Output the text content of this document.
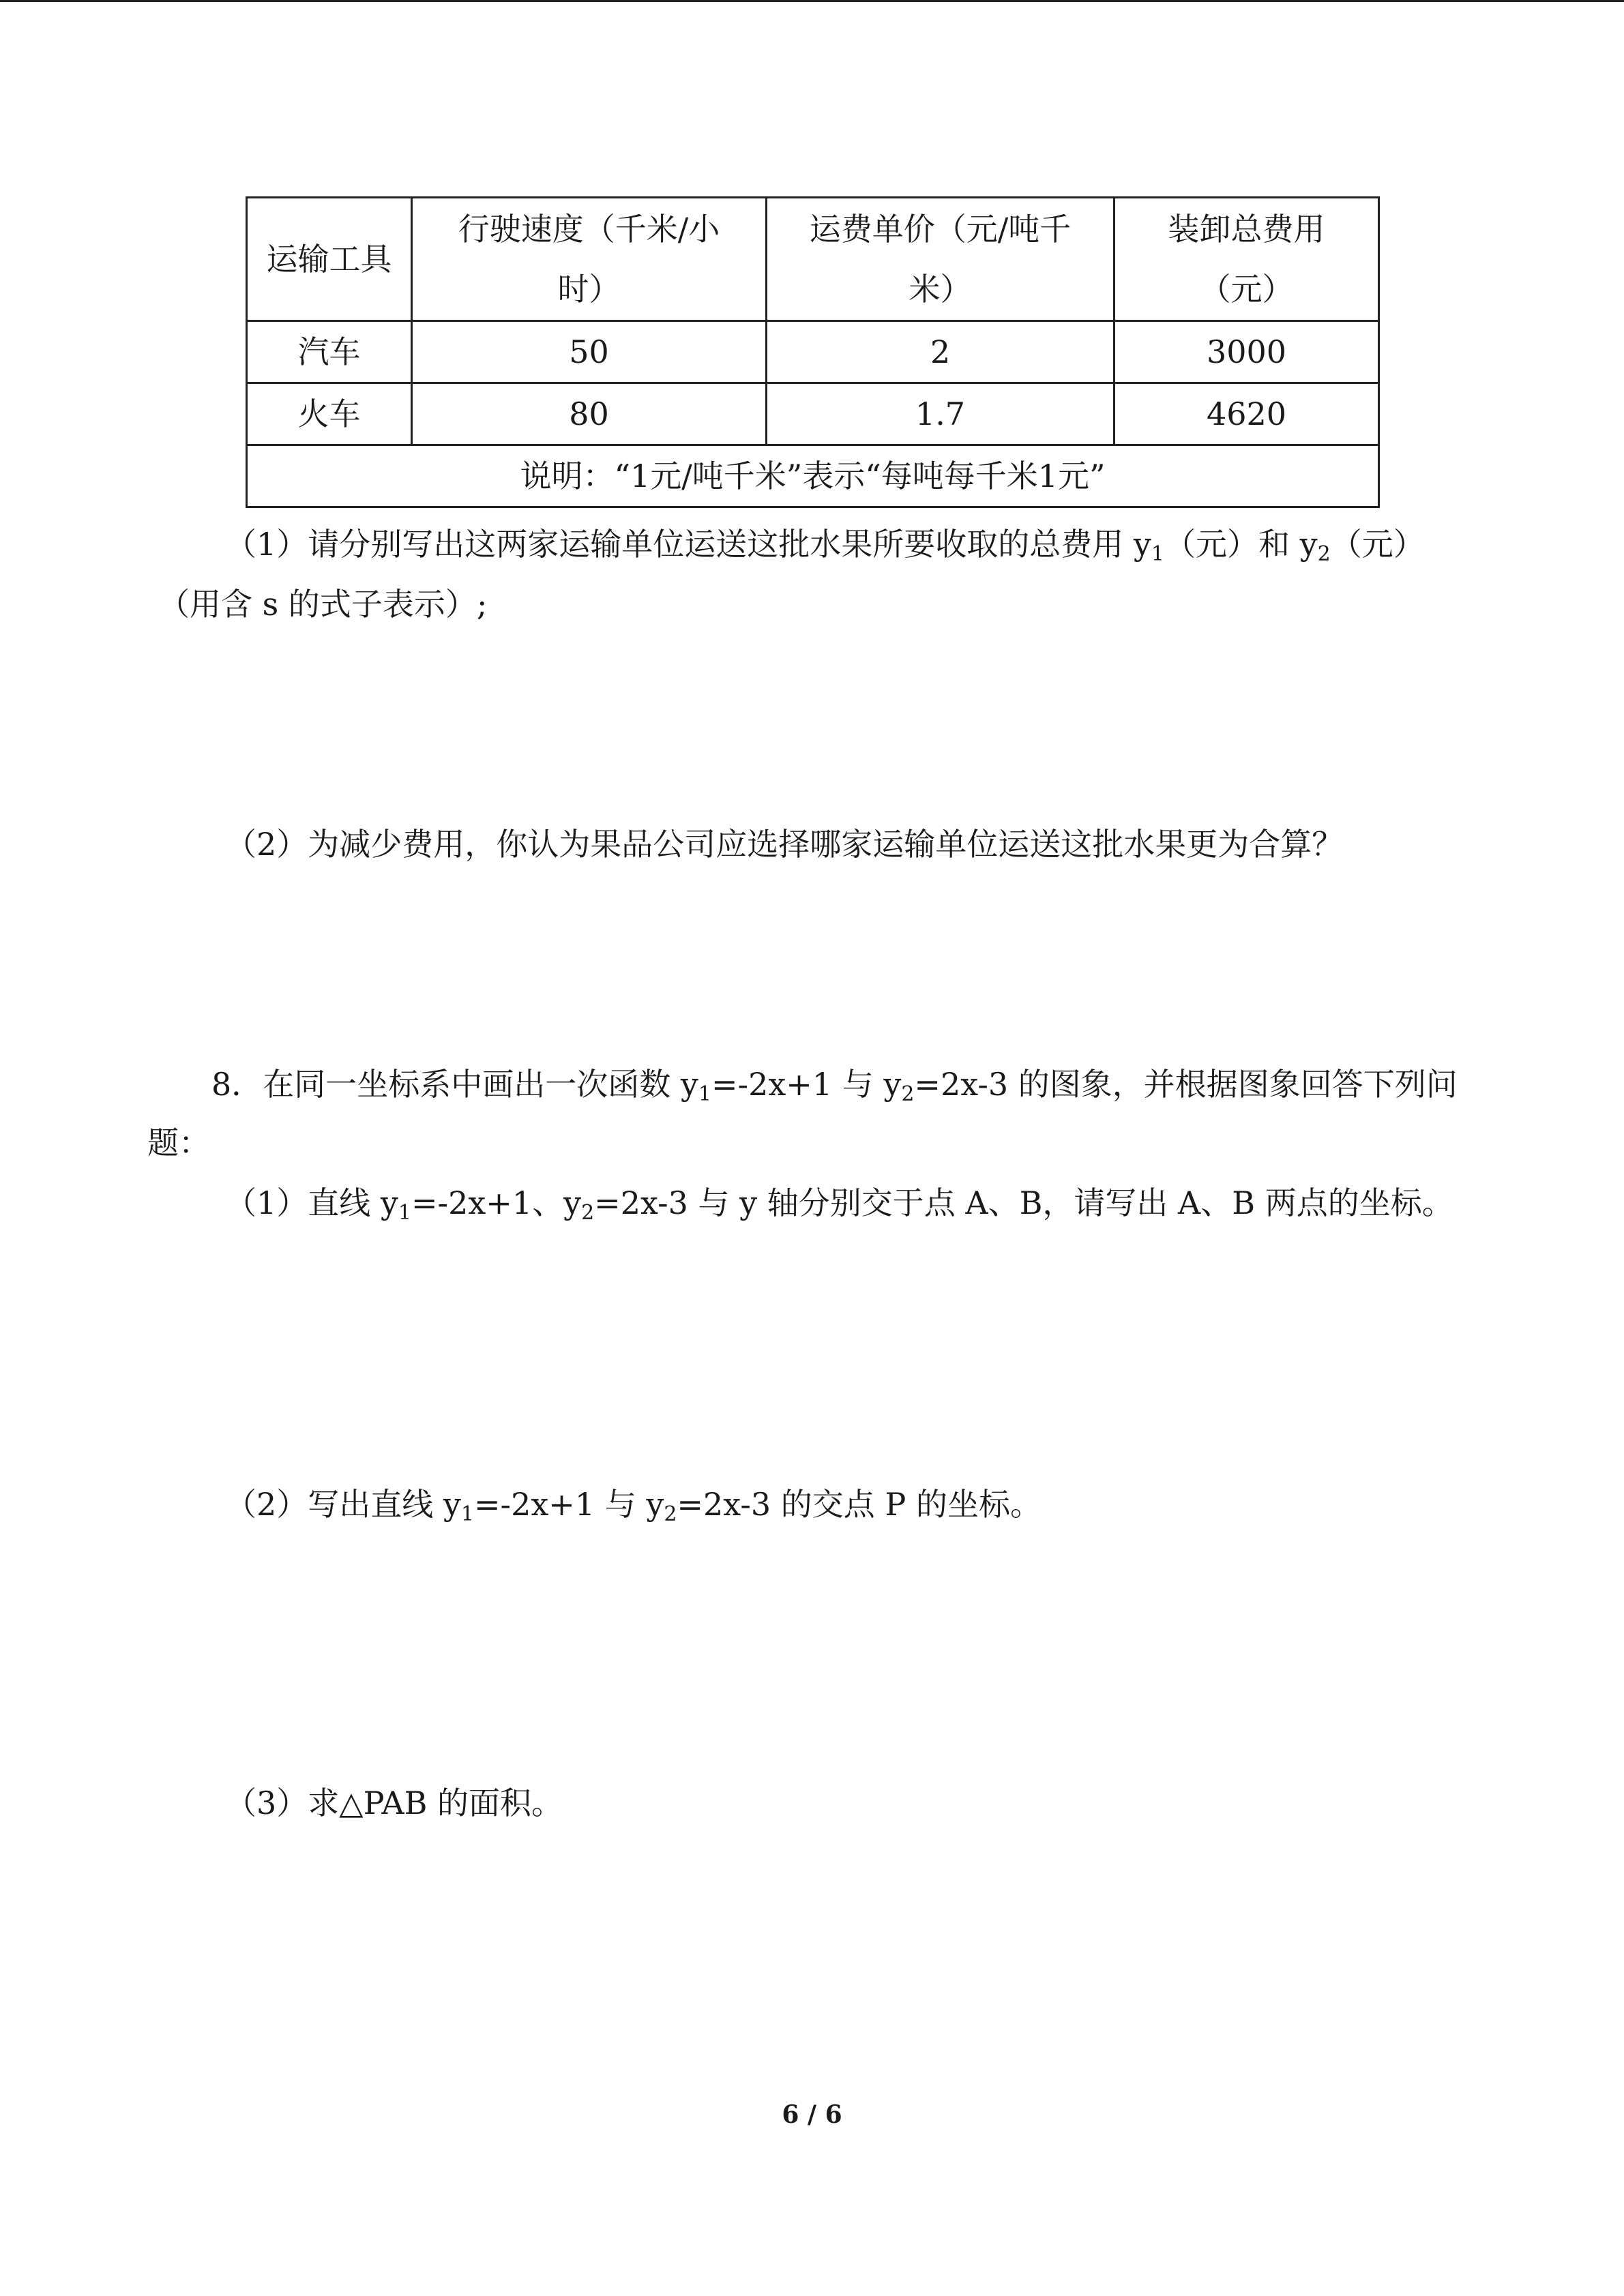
运输工具	行驶速度（千米/小时）	运费单价（元/吨千米）	装卸总费用（元）
汽车	50	2	3000
火车	80	1.7	4620
说明：“1元/吨千米”表示“每吨每千米1元”			
（1）请分别写出这两家运输单位运送这批水果所要收取的总费用 $y_1$（元）和 $y_2$（元）
（用含 s 的式子表示）;
（2）为减少费用，你认为果品公司应选择哪家运输单位运送这批水果更为合算？
8．在同一坐标系中画出一次函数 $y_1=-2x+1$ 与 $y_2=2x-3$ 的图象，并根据图象回答下列问
题：
（1）直线 $y_1=-2x+1$、$y_2=2x-3$ 与 y 轴分别交于点 A、B，请写出 A、B 两点的坐标。
（2）写出直线 $y_1=-2x+1$ 与 $y_2=2x-3$ 的交点 P 的坐标。
（3）求△PAB 的面积。
6 / 6
